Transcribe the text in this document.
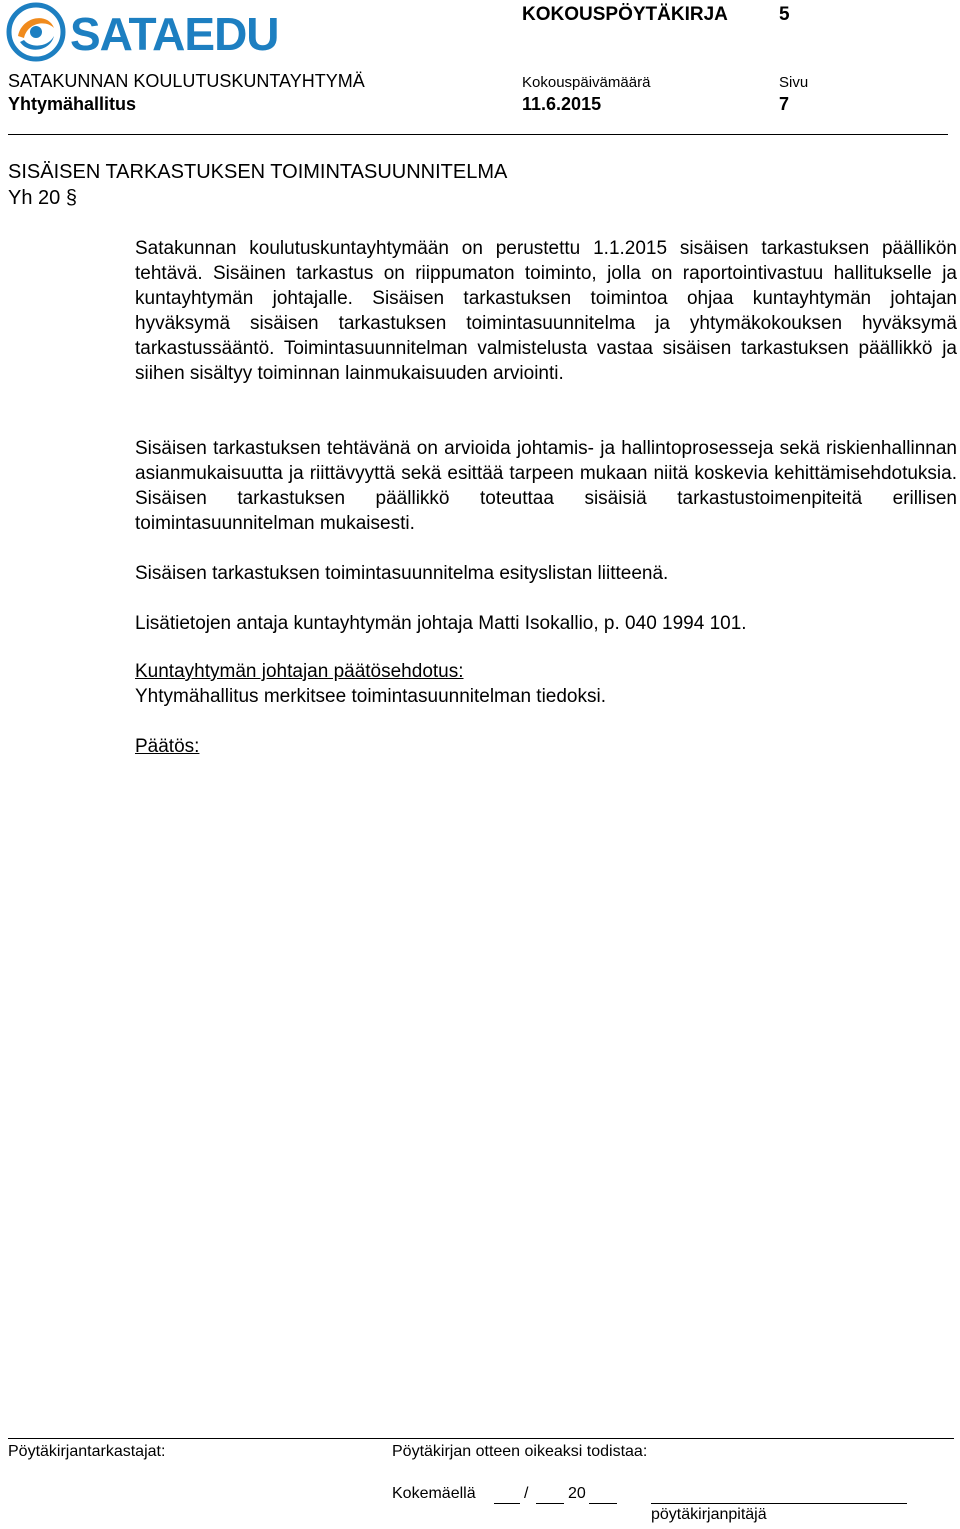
SATAEDU	KOKOUSPÖYTÄKIRJA	5
SATAKUNNAN KOULUTUSKUNTAYHTYMÄ	Kokouspäivämäärä	Sivu
Yhtymähallitus	11.6.2015	7
SISÄISEN TARKASTUKSEN TOIMINTASUUNNITELMA
Yh 20 §
Satakunnan koulutuskuntayhtymään on perustettu 1.1.2015 sisäisen tarkastuksen päällikön tehtävä. Sisäinen tarkastus on riippumaton toiminto, jolla on raportointivastuu hallitukselle ja kuntayhtymän johtajalle. Sisäisen tarkastuksen toimintoa ohjaa kuntayhtymän johtajan hyväksymä sisäisen tarkastuksen toimintasuunnitelma ja yhtymäkokouksen hyväksymä tarkastussääntö. Toimintasuunnitelman valmistelusta vastaa sisäisen tarkastuksen päällikkö ja siihen sisältyy toiminnan lainmukaisuuden arviointi.
Sisäisen tarkastuksen tehtävänä on arvioida johtamis- ja hallintoprosesseja sekä riskienhallinnan asianmukaisuutta ja riittävyyttä sekä esittää tarpeen mukaan niitä koskevia kehittämisehdotuksia. Sisäisen tarkastuksen päällikkö toteuttaa sisäisiä tarkastustoimenpiteitä erillisen toimintasuunnitelman mukaisesti.
Sisäisen tarkastuksen toimintasuunnitelma esityslistan liitteenä.
Lisätietojen antaja kuntayhtymän johtaja Matti Isokallio, p. 040 1994 101.
Kuntayhtymän johtajan päätösehdotus:
Yhtymähallitus merkitsee toimintasuunnitelman tiedoksi.
Päätös:
Pöytäkirjantarkastajat:	Pöytäkirjan otteen oikeaksi todistaa:
Kokemäellä	/ 20
pöytäkirjanpitäjä
